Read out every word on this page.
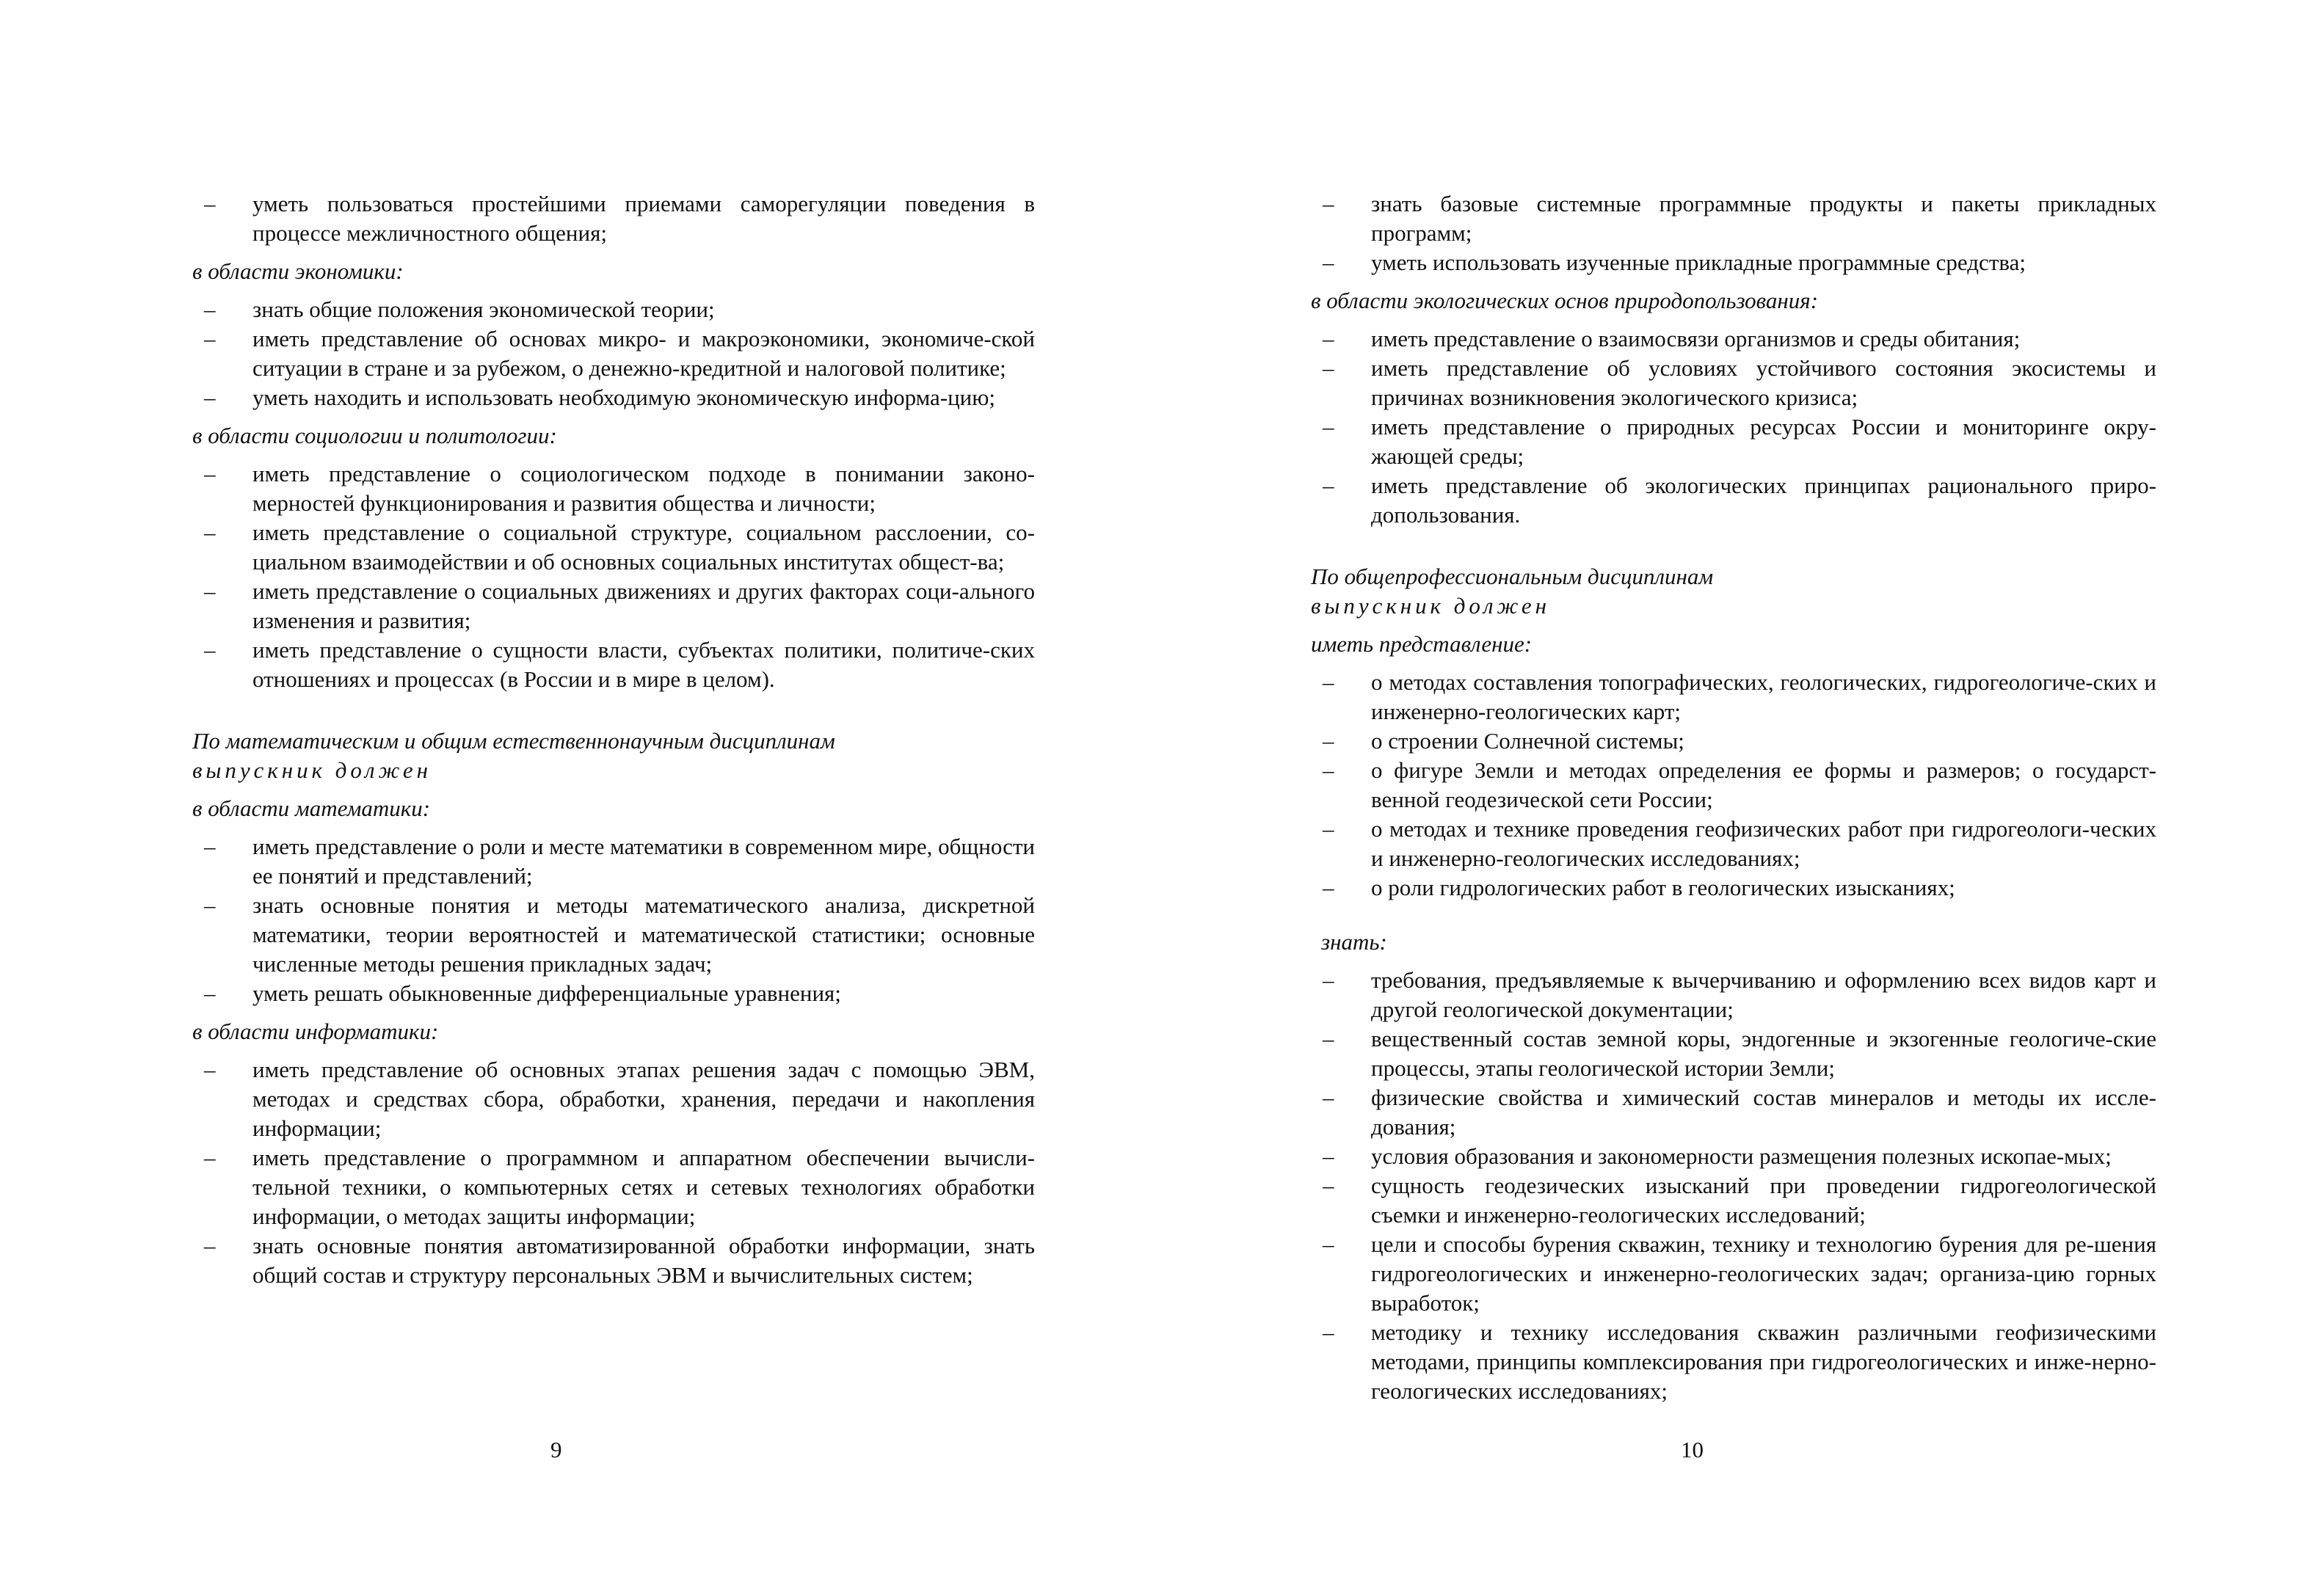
– уметь пользоваться простейшими приемами саморегуляции поведения в процессе межличностного общения;
в области экономики:
– знать общие положения экономической теории;
– иметь представление об основах микро- и макроэкономики, экономиче-ской ситуации в стране и за рубежом, о денежно-кредитной и налоговой политике;
– уметь находить и использовать необходимую экономическую информа-цию;
в области социологии и политологии:
– иметь представление о социологическом подходе в понимании законо-мерностей функционирования и развития общества и личности;
– иметь представление о социальной структуре, социальном расслоении, со-циальном взаимодействии и об основных социальных институтах общест-ва;
– иметь представление о социальных движениях и других факторах соци-ального изменения и развития;
– иметь представление о сущности власти, субъектах политики, политиче-ских отношениях и процессах (в России и в мире в целом).
По математическим и общим естественнонаучным дисциплинам
выпускник должен
в области математики:
– иметь представление о роли и месте математики в современном мире, общности ее понятий и представлений;
– знать основные понятия и методы математического анализа, дискретной математики, теории вероятностей и математической статистики; основные численные методы решения прикладных задач;
– уметь решать обыкновенные дифференциальные уравнения;
в области информатики:
– иметь представление об основных этапах решения задач с помощью ЭВМ, методах и средствах сбора, обработки, хранения, передачи и накопления информации;
– иметь представление о программном и аппаратном обеспечении вычисли-тельной техники, о компьютерных сетях и сетевых технологиях обработки информации, о методах защиты информации;
– знать основные понятия автоматизированной обработки информации, знать общий состав и структуру персональных ЭВМ и вычислительных систем;
9
– знать базовые системные программные продукты и пакеты прикладных программ;
– уметь использовать изученные прикладные программные средства;
в области экологических основ природопользования:
– иметь представление о взаимосвязи организмов и среды обитания;
– иметь представление об условиях устойчивого состояния экосистемы и причинах возникновения экологического кризиса;
– иметь представление о природных ресурсах России и мониторинге окру-жающей среды;
– иметь представление об экологических принципах рационального приро-допользования.
По общепрофессиональным дисциплинам
выпускник должен
иметь представление:
– о методах составления топографических, геологических, гидрогеологиче-ских и инженерно-геологических карт;
– о строении Солнечной системы;
– о фигуре Земли и методах определения ее формы и размеров; о государст-венной геодезической сети России;
– о методах и технике проведения геофизических работ при гидрогеологи-ческих и инженерно-геологических исследованиях;
– о роли гидрологических работ в геологических изысканиях;
знать:
– требования, предъявляемые к вычерчиванию и оформлению всех видов карт и другой геологической документации;
– вещественный состав земной коры, эндогенные и экзогенные геологиче-ские процессы, этапы геологической истории Земли;
– физические свойства и химический состав минералов и методы их иссле-дования;
– условия образования и закономерности размещения полезных ископае-мых;
– сущность геодезических изысканий при проведении гидрогеологической съемки и инженерно-геологических исследований;
– цели и способы бурения скважин, технику и технологию бурения для ре-шения гидрогеологических и инженерно-геологических задач; организа-цию горных выработок;
– методику и технику исследования скважин различными геофизическими методами, принципы комплексирования при гидрогеологических и инже-нерно-геологических исследованиях;
10
